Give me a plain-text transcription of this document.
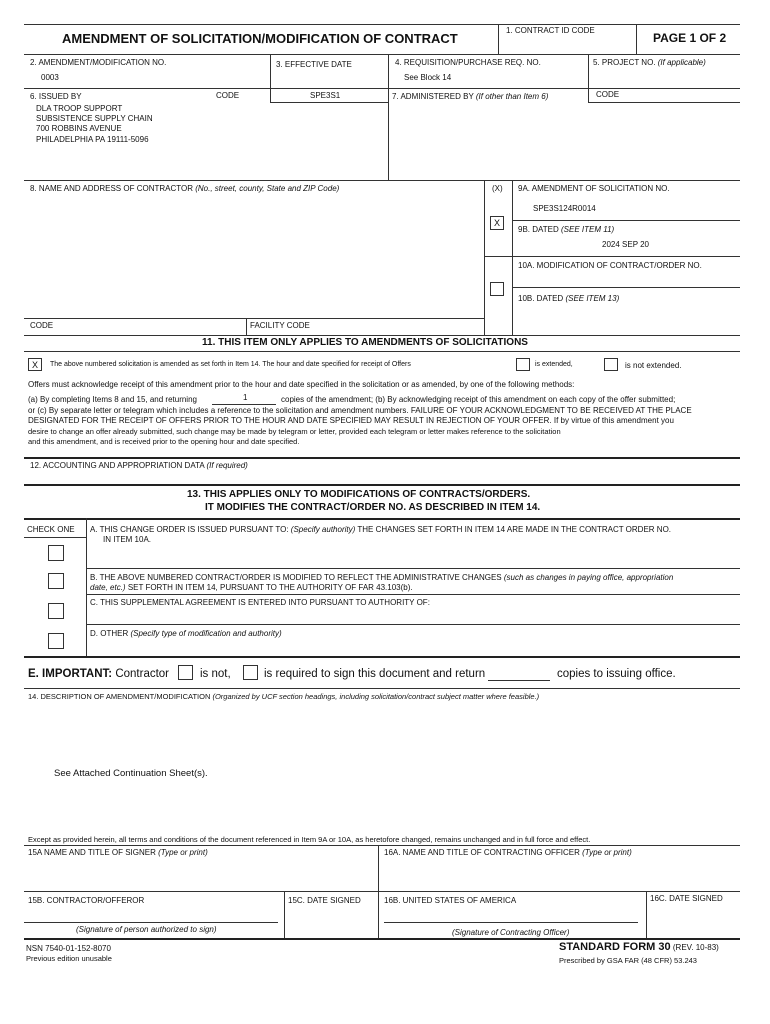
AMENDMENT OF SOLICITATION/MODIFICATION OF CONTRACT
1. CONTRACT ID CODE
PAGE 1 OF 2
2. AMENDMENT/MODIFICATION NO.
0003
3. EFFECTIVE DATE	4. REQUISITION/PURCHASE REQ. NO.
See Block 14
5. PROJECT NO. (If applicable)
6. ISSUED BY	CODE	SPE3S1
DLA TROOP SUPPORT
SUBSISTENCE SUPPLY CHAIN
700 ROBBINS AVENUE
PHILADELPHIA PA 19111-5096
7. ADMINISTERED BY (If other than Item 6)	CODE
8. NAME AND ADDRESS OF CONTRACTOR (No., street, county, State and ZIP Code)	(X) 9A. AMENDMENT OF SOLICITATION NO.
SPE3S124R0014
X
9B. DATED (SEE ITEM 11)
2024 SEP 20
10A. MODIFICATION OF CONTRACT/ORDER NO.
10B. DATED (SEE ITEM 13)
CODE	FACILITY CODE
11. THIS ITEM ONLY APPLIES TO AMENDMENTS OF SOLICITATIONS
X The above numbered solicitation is amended as set forth in Item 14. The hour and date specified for receipt of Offers	is extended,	is not extended.
Offers must acknowledge receipt of this amendment prior to the hour and date specified in the solicitation or as amended, by one of the following methods:
(a) By completing Items 8 and 15, and returning	1	copies of the amendment; (b) By acknowledging receipt of this amendment on each copy of the offer submitted;
or (c) By separate letter or telegram which includes a reference to the solicitation and amendment numbers. FAILURE OF YOUR ACKNOWLEDGMENT TO BE RECEIVED AT THE PLACE
DESIGNATED FOR THE RECEIPT OF OFFERS PRIOR TO THE HOUR AND DATE SPECIFIED MAY RESULT IN REJECTION OF YOUR OFFER. If by virtue of this amendment you
desire to change an offer already submitted, such change may be made by telegram or letter, provided each telegram or letter makes reference to the solicitation
and this amendment, and is received prior to the opening hour and date specified.
12. ACCOUNTING AND APPROPRIATION DATA (If required)
13. THIS APPLIES ONLY TO MODIFICATIONS OF CONTRACTS/ORDERS.
IT MODIFIES THE CONTRACT/ORDER NO. AS DESCRIBED IN ITEM 14.
CHECK ONE A. THIS CHANGE ORDER IS ISSUED PURSUANT TO: (Specify authority) THE CHANGES SET FORTH IN ITEM 14 ARE MADE IN THE CONTRACT ORDER NO.
IN ITEM 10A.
B. THE ABOVE NUMBERED CONTRACT/ORDER IS MODIFIED TO REFLECT THE ADMINISTRATIVE CHANGES (such as changes in paying office, appropriation
date, etc.) SET FORTH IN ITEM 14, PURSUANT TO THE AUTHORITY OF FAR 43.103(b).
C. THIS SUPPLEMENTAL AGREEMENT IS ENTERED INTO PURSUANT TO AUTHORITY OF:
D. OTHER (Specify type of modification and authority)
E. IMPORTANT: Contractor	is not,	is required to sign this document and return	copies to issuing office.
14. DESCRIPTION OF AMENDMENT/MODIFICATION (Organized by UCF section headings, including solicitation/contract subject matter where feasible.)
See Attached Continuation Sheet(s).
Except as provided herein, all terms and conditions of the document referenced in Item 9A or 10A, as heretofore changed, remains unchanged and in full force and effect.
15A NAME AND TITLE OF SIGNER (Type or print)	16A. NAME AND TITLE OF CONTRACTING OFFICER (Type or print)
15B. CONTRACTOR/OFFEROR	15C. DATE SIGNED	16B. UNITED STATES OF AMERICA	16C. DATE SIGNED
(Signature of person authorized to sign)	(Signature of Contracting Officer)
NSN 7540-01-152-8070
Previous edition unusable
STANDARD FORM 30 (REV. 10-83)
Prescribed by GSA FAR (48 CFR) 53.243
